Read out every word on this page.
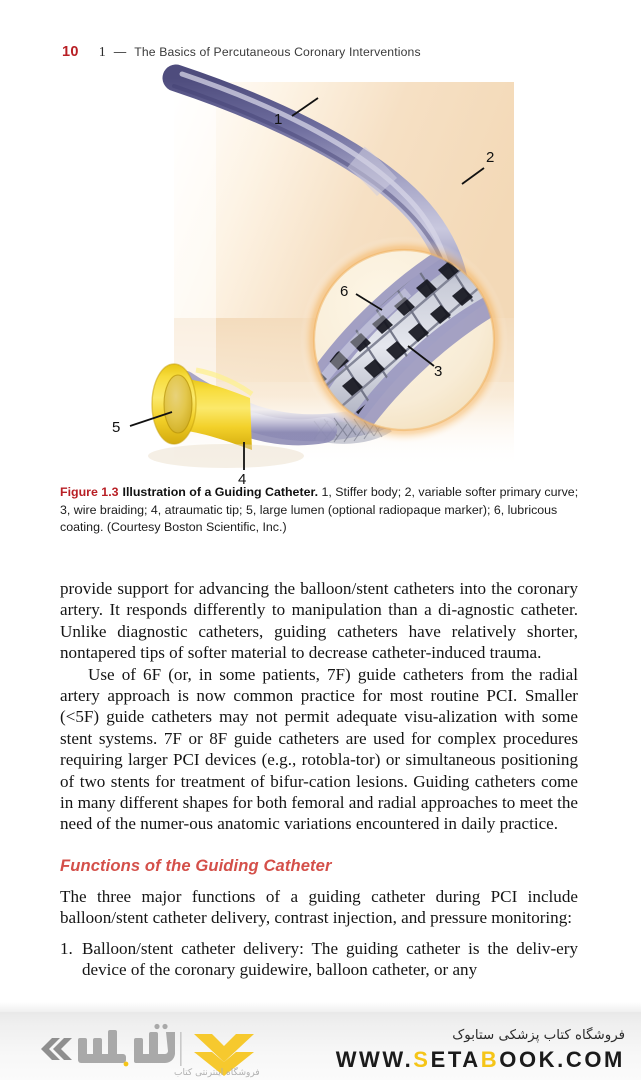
10 1 — The Basics of Percutaneous Coronary Interventions
1
2
3
4
5
6
Figure 1.3 Illustration of a Guiding Catheter. 1, Stiffer body; 2, variable softer primary curve; 3, wire braiding; 4, atraumatic tip; 5, large lumen (optional radiopaque marker); 6, lubricous coating. (Courtesy Boston Scientific, Inc.)

provide support for advancing the balloon/stent catheters into the coronary artery. It responds differently to manipulation than a di-agnostic catheter. Unlike diagnostic catheters, guiding catheters have relatively shorter, nontapered tips of softer material to decrease catheter-induced trauma.

Use of 6F (or, in some patients, 7F) guide catheters from the radial artery approach is now common practice for most routine PCI. Smaller (<5F) guide catheters may not permit adequate visu-alization with some stent systems. 7F or 8F guide catheters are used for complex procedures requiring larger PCI devices (e.g., rotobla-tor) or simultaneous positioning of two stents for treatment of bifur-cation lesions. Guiding catheters come in many different shapes for both femoral and radial approaches to meet the need of the numer-ous anatomic variations encountered in daily practice.

Functions of the Guiding Catheter

The three major functions of a guiding catheter during PCI include balloon/stent catheter delivery, contrast injection, and pressure monitoring:

1. Balloon/stent catheter delivery: The guiding catheter is the deliv-ery device of the coronary guidewire, balloon catheter, or any
فروشگاه اینترنتی کتاب
فروشگاه کتاب پزشکی ستابوک
WWW.SETABOOK.COM
